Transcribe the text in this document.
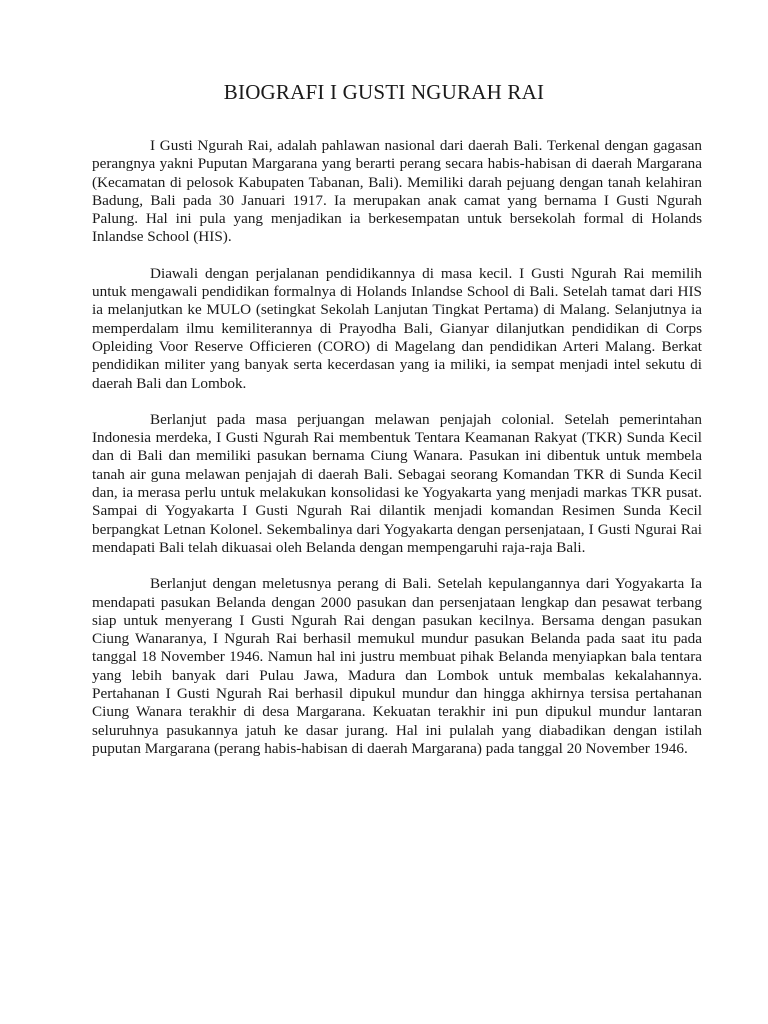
BIOGRAFI I GUSTI NGURAH RAI

I Gusti Ngurah Rai, adalah pahlawan nasional dari daerah Bali. Terkenal dengan gagasan perangnya yakni Puputan Margarana yang berarti perang secara habis-habisan di daerah Margarana (Kecamatan di pelosok Kabupaten Tabanan, Bali). Memiliki darah pejuang dengan tanah kelahiran Badung, Bali pada 30 Januari 1917. Ia merupakan anak camat yang bernama I Gusti Ngurah Palung. Hal ini pula yang menjadikan ia berkesempatan untuk bersekolah formal di Holands Inlandse School (HIS).

Diawali dengan perjalanan pendidikannya di masa kecil. I Gusti Ngurah Rai memilih untuk mengawali pendidikan formalnya di Holands Inlandse School di Bali. Setelah tamat dari HIS ia melanjutkan ke MULO (setingkat Sekolah Lanjutan Tingkat Pertama) di Malang. Selanjutnya ia memperdalam ilmu kemiliterannya di Prayodha Bali, Gianyar dilanjutkan pendidikan di Corps Opleiding Voor Reserve Officieren (CORO) di Magelang dan pendidikan Arteri Malang. Berkat pendidikan militer yang banyak serta kecerdasan yang ia miliki, ia sempat menjadi intel sekutu di daerah Bali dan Lombok.

Berlanjut pada masa perjuangan melawan penjajah colonial. Setelah pemerintahan Indonesia merdeka, I Gusti Ngurah Rai membentuk Tentara Keamanan Rakyat (TKR) Sunda Kecil dan di Bali dan memiliki pasukan bernama Ciung Wanara. Pasukan ini dibentuk untuk membela tanah air guna melawan penjajah di daerah Bali. Sebagai seorang Komandan TKR di Sunda Kecil dan, ia merasa perlu untuk melakukan konsolidasi ke Yogyakarta yang menjadi markas TKR pusat. Sampai di Yogyakarta I Gusti Ngurah Rai dilantik menjadi komandan Resimen Sunda Kecil berpangkat Letnan Kolonel. Sekembalinya dari Yogyakarta dengan persenjataan, I Gusti Ngurai Rai mendapati Bali telah dikuasai oleh Belanda dengan mempengaruhi raja-raja Bali.

Berlanjut dengan meletusnya perang di Bali. Setelah kepulangannya dari Yogyakarta Ia mendapati pasukan Belanda dengan 2000 pasukan dan persenjataan lengkap dan pesawat terbang siap untuk menyerang I Gusti Ngurah Rai dengan pasukan kecilnya. Bersama dengan pasukan Ciung Wanaranya, I Ngurah Rai berhasil memukul mundur pasukan Belanda pada saat itu pada tanggal 18 November 1946. Namun hal ini justru membuat pihak Belanda menyiapkan bala tentara yang lebih banyak dari Pulau Jawa, Madura dan Lombok untuk membalas kekalahannya. Pertahanan I Gusti Ngurah Rai berhasil dipukul mundur dan hingga akhirnya tersisa pertahanan Ciung Wanara terakhir di desa Margarana. Kekuatan terakhir ini pun dipukul mundur lantaran seluruhnya pasukannya jatuh ke dasar jurang. Hal ini pulalah yang diabadikan dengan istilah puputan Margarana (perang habis-habisan di daerah Margarana) pada tanggal 20 November 1946.
